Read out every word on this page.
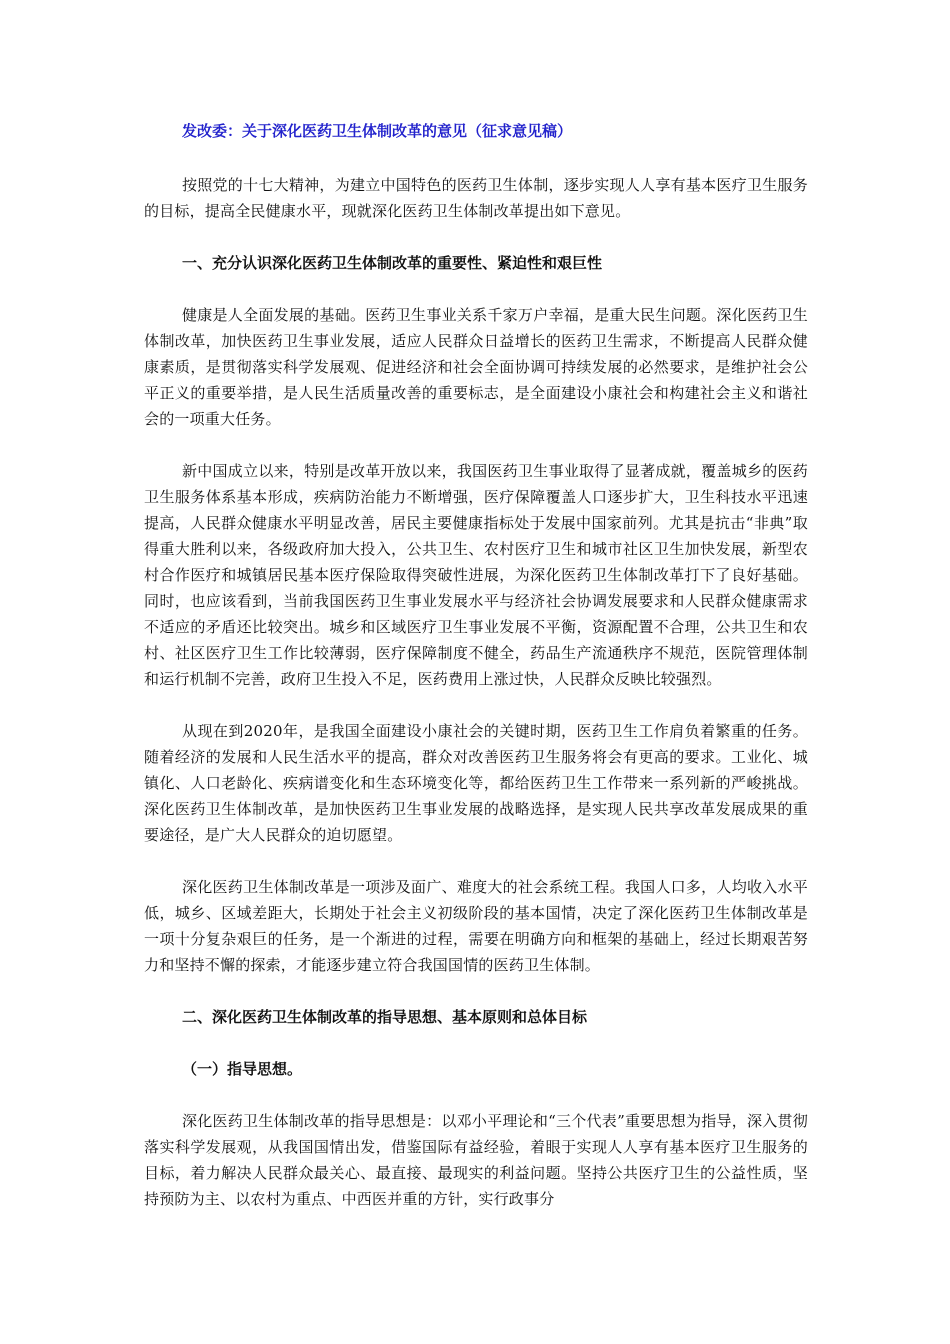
发改委：关于深化医药卫生体制改革的意见（征求意见稿）

按照党的十七大精神，为建立中国特色的医药卫生体制，逐步实现人人享有基本医疗卫生服务的目标，提高全民健康水平，现就深化医药卫生体制改革提出如下意见。

一、充分认识深化医药卫生体制改革的重要性、紧迫性和艰巨性

健康是人全面发展的基础。医药卫生事业关系千家万户幸福，是重大民生问题。深化医药卫生体制改革，加快医药卫生事业发展，适应人民群众日益增长的医药卫生需求，不断提高人民群众健康素质，是贯彻落实科学发展观、促进经济和社会全面协调可持续发展的必然要求，是维护社会公平正义的重要举措，是人民生活质量改善的重要标志，是全面建设小康社会和构建社会主义和谐社会的一项重大任务。

新中国成立以来，特别是改革开放以来，我国医药卫生事业取得了显著成就，覆盖城乡的医药卫生服务体系基本形成，疾病防治能力不断增强，医疗保障覆盖人口逐步扩大，卫生科技水平迅速提高，人民群众健康水平明显改善，居民主要健康指标处于发展中国家前列。尤其是抗击“非典”取得重大胜利以来，各级政府加大投入，公共卫生、农村医疗卫生和城市社区卫生加快发展，新型农村合作医疗和城镇居民基本医疗保险取得突破性进展，为深化医药卫生体制改革打下了良好基础。同时，也应该看到，当前我国医药卫生事业发展水平与经济社会协调发展要求和人民群众健康需求不适应的矛盾还比较突出。城乡和区域医疗卫生事业发展不平衡，资源配置不合理，公共卫生和农村、社区医疗卫生工作比较薄弱，医疗保障制度不健全，药品生产流通秩序不规范，医院管理体制和运行机制不完善，政府卫生投入不足，医药费用上涨过快，人民群众反映比较强烈。

从现在到2020年，是我国全面建设小康社会的关键时期，医药卫生工作肩负着繁重的任务。随着经济的发展和人民生活水平的提高，群众对改善医药卫生服务将会有更高的要求。工业化、城镇化、人口老龄化、疾病谱变化和生态环境变化等，都给医药卫生工作带来一系列新的严峻挑战。深化医药卫生体制改革，是加快医药卫生事业发展的战略选择，是实现人民共享改革发展成果的重要途径，是广大人民群众的迫切愿望。

深化医药卫生体制改革是一项涉及面广、难度大的社会系统工程。我国人口多，人均收入水平低，城乡、区域差距大，长期处于社会主义初级阶段的基本国情，决定了深化医药卫生体制改革是一项十分复杂艰巨的任务，是一个渐进的过程，需要在明确方向和框架的基础上，经过长期艰苦努力和坚持不懈的探索，才能逐步建立符合我国国情的医药卫生体制。

二、深化医药卫生体制改革的指导思想、基本原则和总体目标

（一）指导思想。

深化医药卫生体制改革的指导思想是：以邓小平理论和“三个代表”重要思想为指导，深入贯彻落实科学发展观，从我国国情出发，借鉴国际有益经验，着眼于实现人人享有基本医疗卫生服务的目标，着力解决人民群众最关心、最直接、最现实的利益问题。坚持公共医疗卫生的公益性质，坚持预防为主、以农村为重点、中西医并重的方针，实行政事分
